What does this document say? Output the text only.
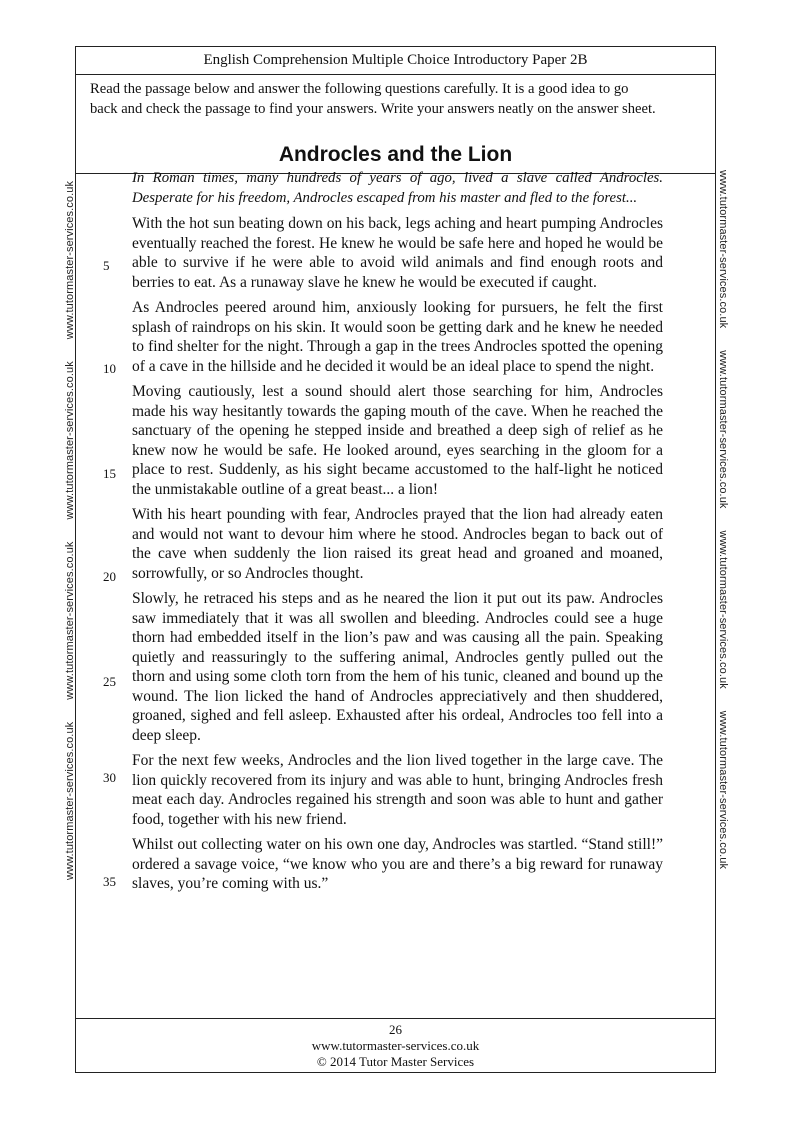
English Comprehension Multiple Choice Introductory Paper 2B

Read the passage below and answer the following questions carefully. It is a good idea to go

back and check the passage to find your answers. Write your answers neatly on the answer sheet.

26
www.tutormaster-services.co.uk
© 2014 Tutor Master Services
Androcles and the Lion

In Roman times, many hundreds of years of ago, lived a slave called Androcles. Desperate for his freedom, Androcles escaped from his master and fled to the forest...

With the hot sun beating down on his back, legs aching and heart pumping Androcles eventually reached the forest. He knew he would be safe here and hoped he would be able to survive if he were able to avoid wild animals and find enough roots and berries to eat. As a runaway slave he knew he would be executed if caught.

As Androcles peered around him, anxiously looking for pursuers, he felt the first splash of raindrops on his skin. It would soon be getting dark and he knew he needed to find shelter for the night. Through a gap in the trees Androcles spotted the opening of a cave in the hillside and he decided it would be an ideal place to spend the night.

Moving cautiously, lest a sound should alert those searching for him, Androcles made his way hesitantly towards the gaping mouth of the cave. When he reached the sanctuary of the opening he stepped inside and breathed a deep sigh of relief as he knew now he would be safe. He looked around, eyes searching in the gloom for a place to rest. Suddenly, as his sight became accustomed to the half-light he noticed the unmistakable outline of a great beast... a lion!

With his heart pounding with fear, Androcles prayed that the lion had already eaten and would not want to devour him where he stood. Androcles began to back out of the cave when suddenly the lion raised its great head and groaned and moaned, sorrowfully, or so Androcles thought.

Slowly, he retraced his steps and as he neared the lion it put out its paw. Androcles saw immediately that it was all swollen and bleeding. Androcles could see a huge thorn had embedded itself in the lion’s paw and was causing all the pain. Speaking quietly and reassuringly to the suffering animal, Androcles gently pulled out the thorn and using some cloth torn from the hem of his tunic, cleaned and bound up the wound. The lion licked the hand of Androcles appreciatively and then shuddered, groaned, sighed and fell asleep. Exhausted after his ordeal, Androcles too fell into a deep sleep.

For the next few weeks, Androcles and the lion lived together in the large cave. The lion quickly recovered from its injury and was able to hunt, bringing Androcles fresh meat each day. Androcles regained his strength and soon was able to hunt and gather food, together with his new friend.

Whilst out collecting water on his own one day, Androcles was startled. “Stand still!” ordered a savage voice, “we know who you are and there’s a big reward for runaway slaves, you’re coming with us.”

5
10
15
20
25
30
35
www.tutormaster-services.co.ukwww.tutormaster-services.co.ukwww.tutormaster-services.co.ukwww.tutormaster-services.co.uk	www.tutormaster-services.co.ukwww.tutormaster-services.co.ukwww.tutormaster-services.co.ukwww.tutormaster-services.co.uk
